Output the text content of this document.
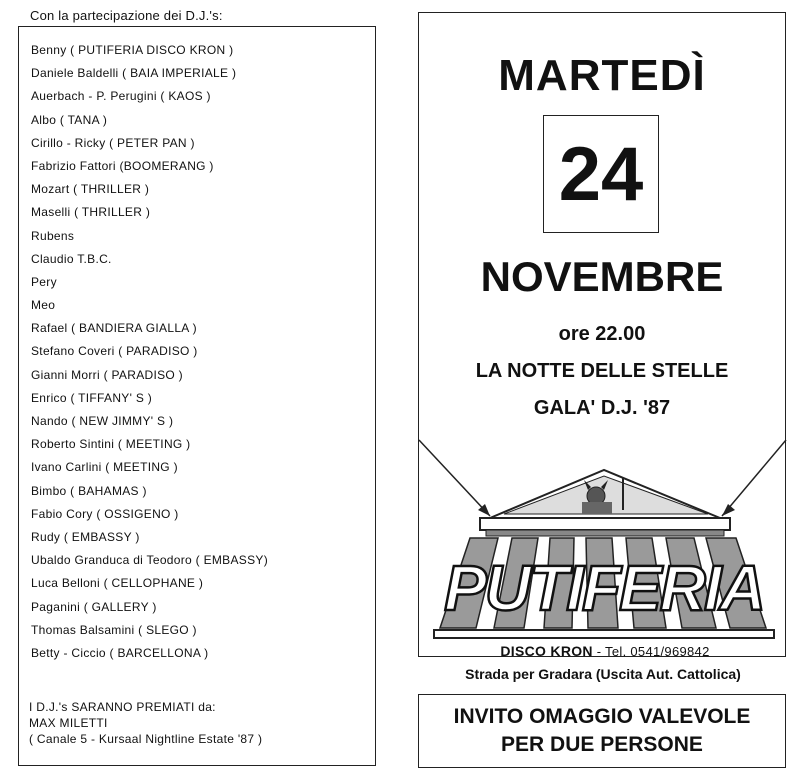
Con la partecipazione dei D.J.'s:
Benny ( PUTIFERIA DISCO KRON )
Daniele Baldelli ( BAIA IMPERIALE )
Auerbach - P. Perugini ( KAOS )
Albo ( TANA )
Cirillo - Ricky ( PETER PAN )
Fabrizio Fattori (BOOMERANG )
Mozart ( THRILLER )
Maselli ( THRILLER )
Rubens
Claudio T.B.C.
Pery
Meo
Rafael ( BANDIERA GIALLA )
Stefano Coveri ( PARADISO )
Gianni Morri ( PARADISO )
Enrico ( TIFFANY' S )
Nando ( NEW JIMMY' S )
Roberto Sintini ( MEETING )
Ivano Carlini ( MEETING )
Bimbo ( BAHAMAS )
Fabio Cory ( OSSIGENO )
Rudy ( EMBASSY )
Ubaldo Granduca di Teodoro ( EMBASSY)
Luca Belloni ( CELLOPHANE )
Paganini ( GALLERY )
Thomas Balsamini ( SLEGO )
Betty - Ciccio ( BARCELLONA )
I D.J.'s SARANNO PREMIATI da:
MAX MILETTI
( Canale 5 - Kursaal Nightline Estate '87 )
MARTEDÌ
24
NOVEMBRE
ore 22.00
LA NOTTE DELLE STELLE
GALA' D.J. '87
PUTIFERIA
DISCO KRON - Tel. 0541/969842
Strada per Gradara (Uscita Aut. Cattolica)
INVITO OMAGGIO VALEVOLE
PER DUE PERSONE
